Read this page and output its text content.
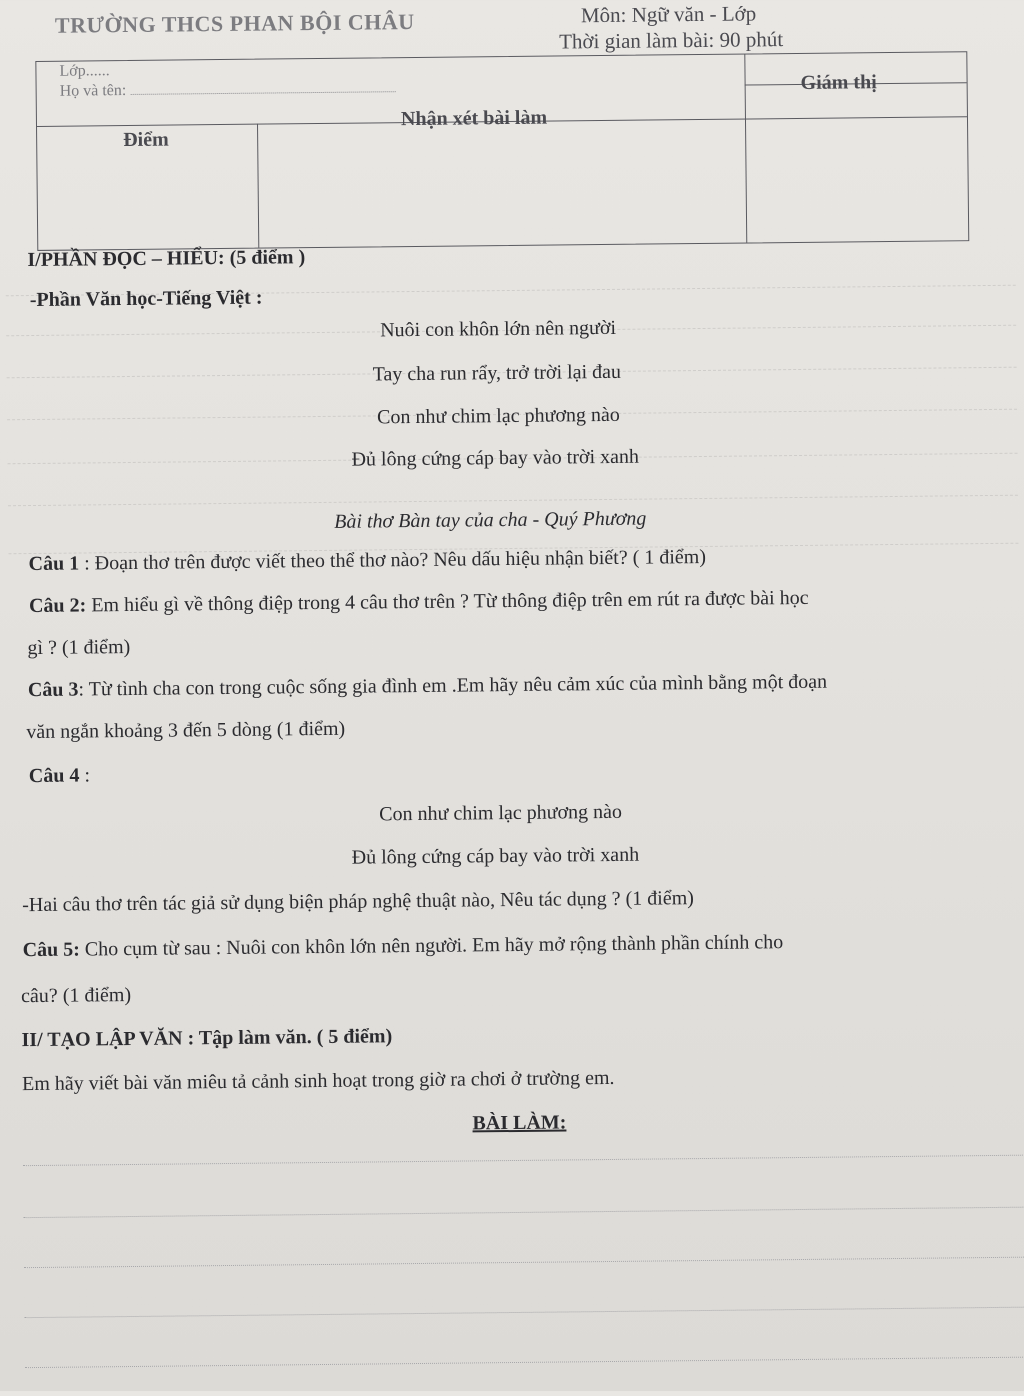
TRƯỜNG THCS PHAN BỘI CHÂU	Môn: Ngữ văn - Lớp
Thời gian làm bài: 90 phút
Lớp......
Họ và tên:
Điểm
Nhận xét bài làm
Giám thị
I/PHẦN ĐỌC – HIỂU: (5 điểm )
-Phần Văn học-Tiếng Việt :
Nuôi con khôn lớn nên người
Tay cha run rẩy, trở trời lại đau
Con như chim lạc phương nào
Đủ lông cứng cáp bay vào trời xanh
Bài thơ Bàn tay của cha - Quý Phương
Câu 1 : Đoạn thơ trên được viết theo thể thơ nào? Nêu dấu hiệu nhận biết? ( 1 điểm)
Câu 2: Em hiểu gì về thông điệp trong 4 câu thơ trên ? Từ thông điệp trên em rút ra được bài học
gì ? (1 điểm)
Câu 3: Từ tình cha con trong cuộc sống gia đình em .Em hãy nêu cảm xúc của mình bằng một đoạn
văn ngắn khoảng 3 đến 5 dòng (1 điểm)
Câu 4 :
Con như chim lạc phương nào
Đủ lông cứng cáp bay vào trời xanh
-Hai câu thơ trên tác giả sử dụng biện pháp nghệ thuật nào, Nêu tác dụng ? (1 điểm)
Câu 5: Cho cụm từ sau : Nuôi con khôn lớn nên người. Em hãy mở rộng thành phần chính cho
câu? (1 điểm)
II/ TẠO LẬP VĂN : Tập làm văn. ( 5 điểm)
Em hãy viết bài văn miêu tả cảnh sinh hoạt trong giờ ra chơi ở trường em.
BÀI LÀM:
